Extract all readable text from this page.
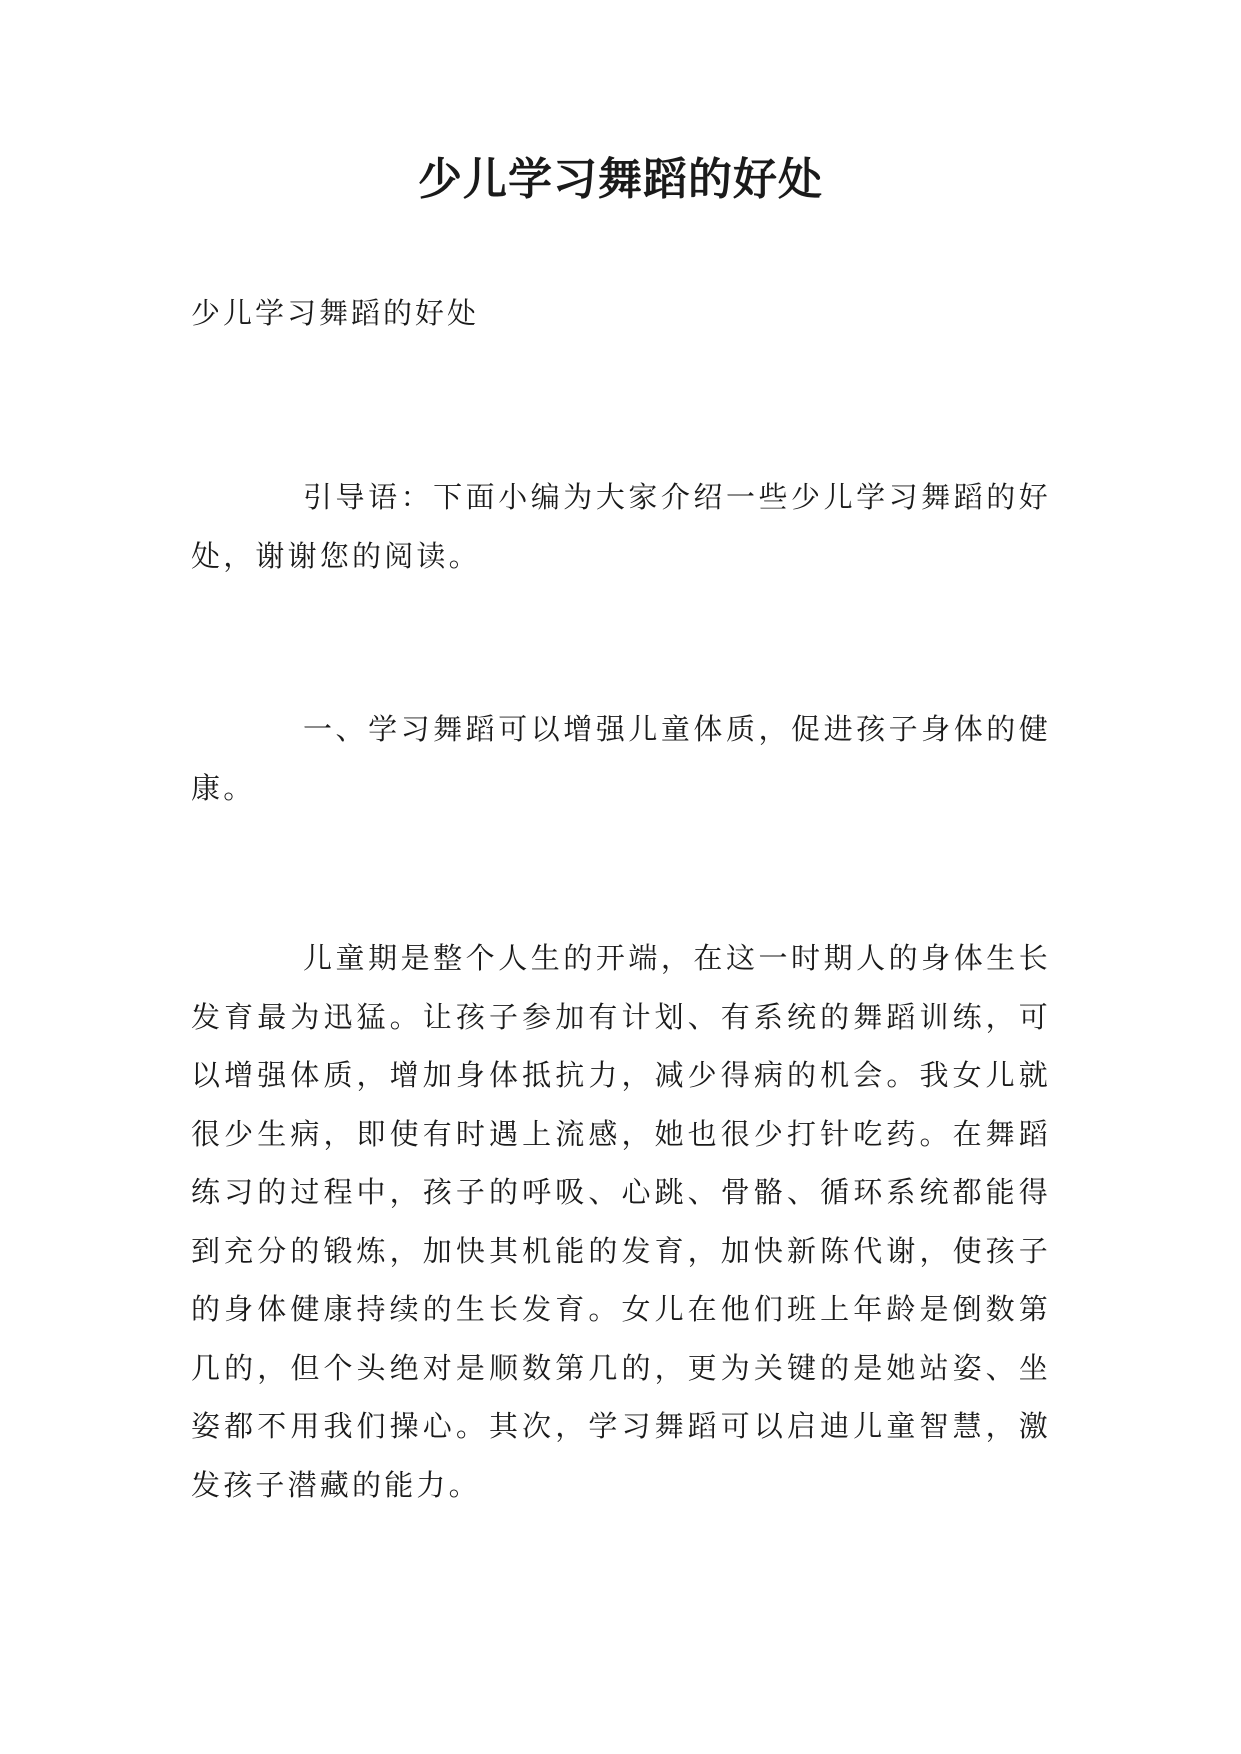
少儿学习舞蹈的好处

少儿学习舞蹈的好处

引导语：下面小编为大家介绍一些少儿学习舞蹈的好处，谢谢您的阅读。

一、学习舞蹈可以增强儿童体质，促进孩子身体的健康。

儿童期是整个人生的开端，在这一时期人的身体生长发育最为迅猛。让孩子参加有计划、有系统的舞蹈训练，可以增强体质，增加身体抵抗力，减少得病的机会。我女儿就很少生病，即使有时遇上流感，她也很少打针吃药。在舞蹈练习的过程中，孩子的呼吸、心跳、骨骼、循环系统都能得到充分的锻炼，加快其机能的发育，加快新陈代谢，使孩子的身体健康持续的生长发育。女儿在他们班上年龄是倒数第几的，但个头绝对是顺数第几的，更为关键的是她站姿、坐姿都不用我们操心。其次，学习舞蹈可以启迪儿童智慧，激发孩子潜藏的能力。
